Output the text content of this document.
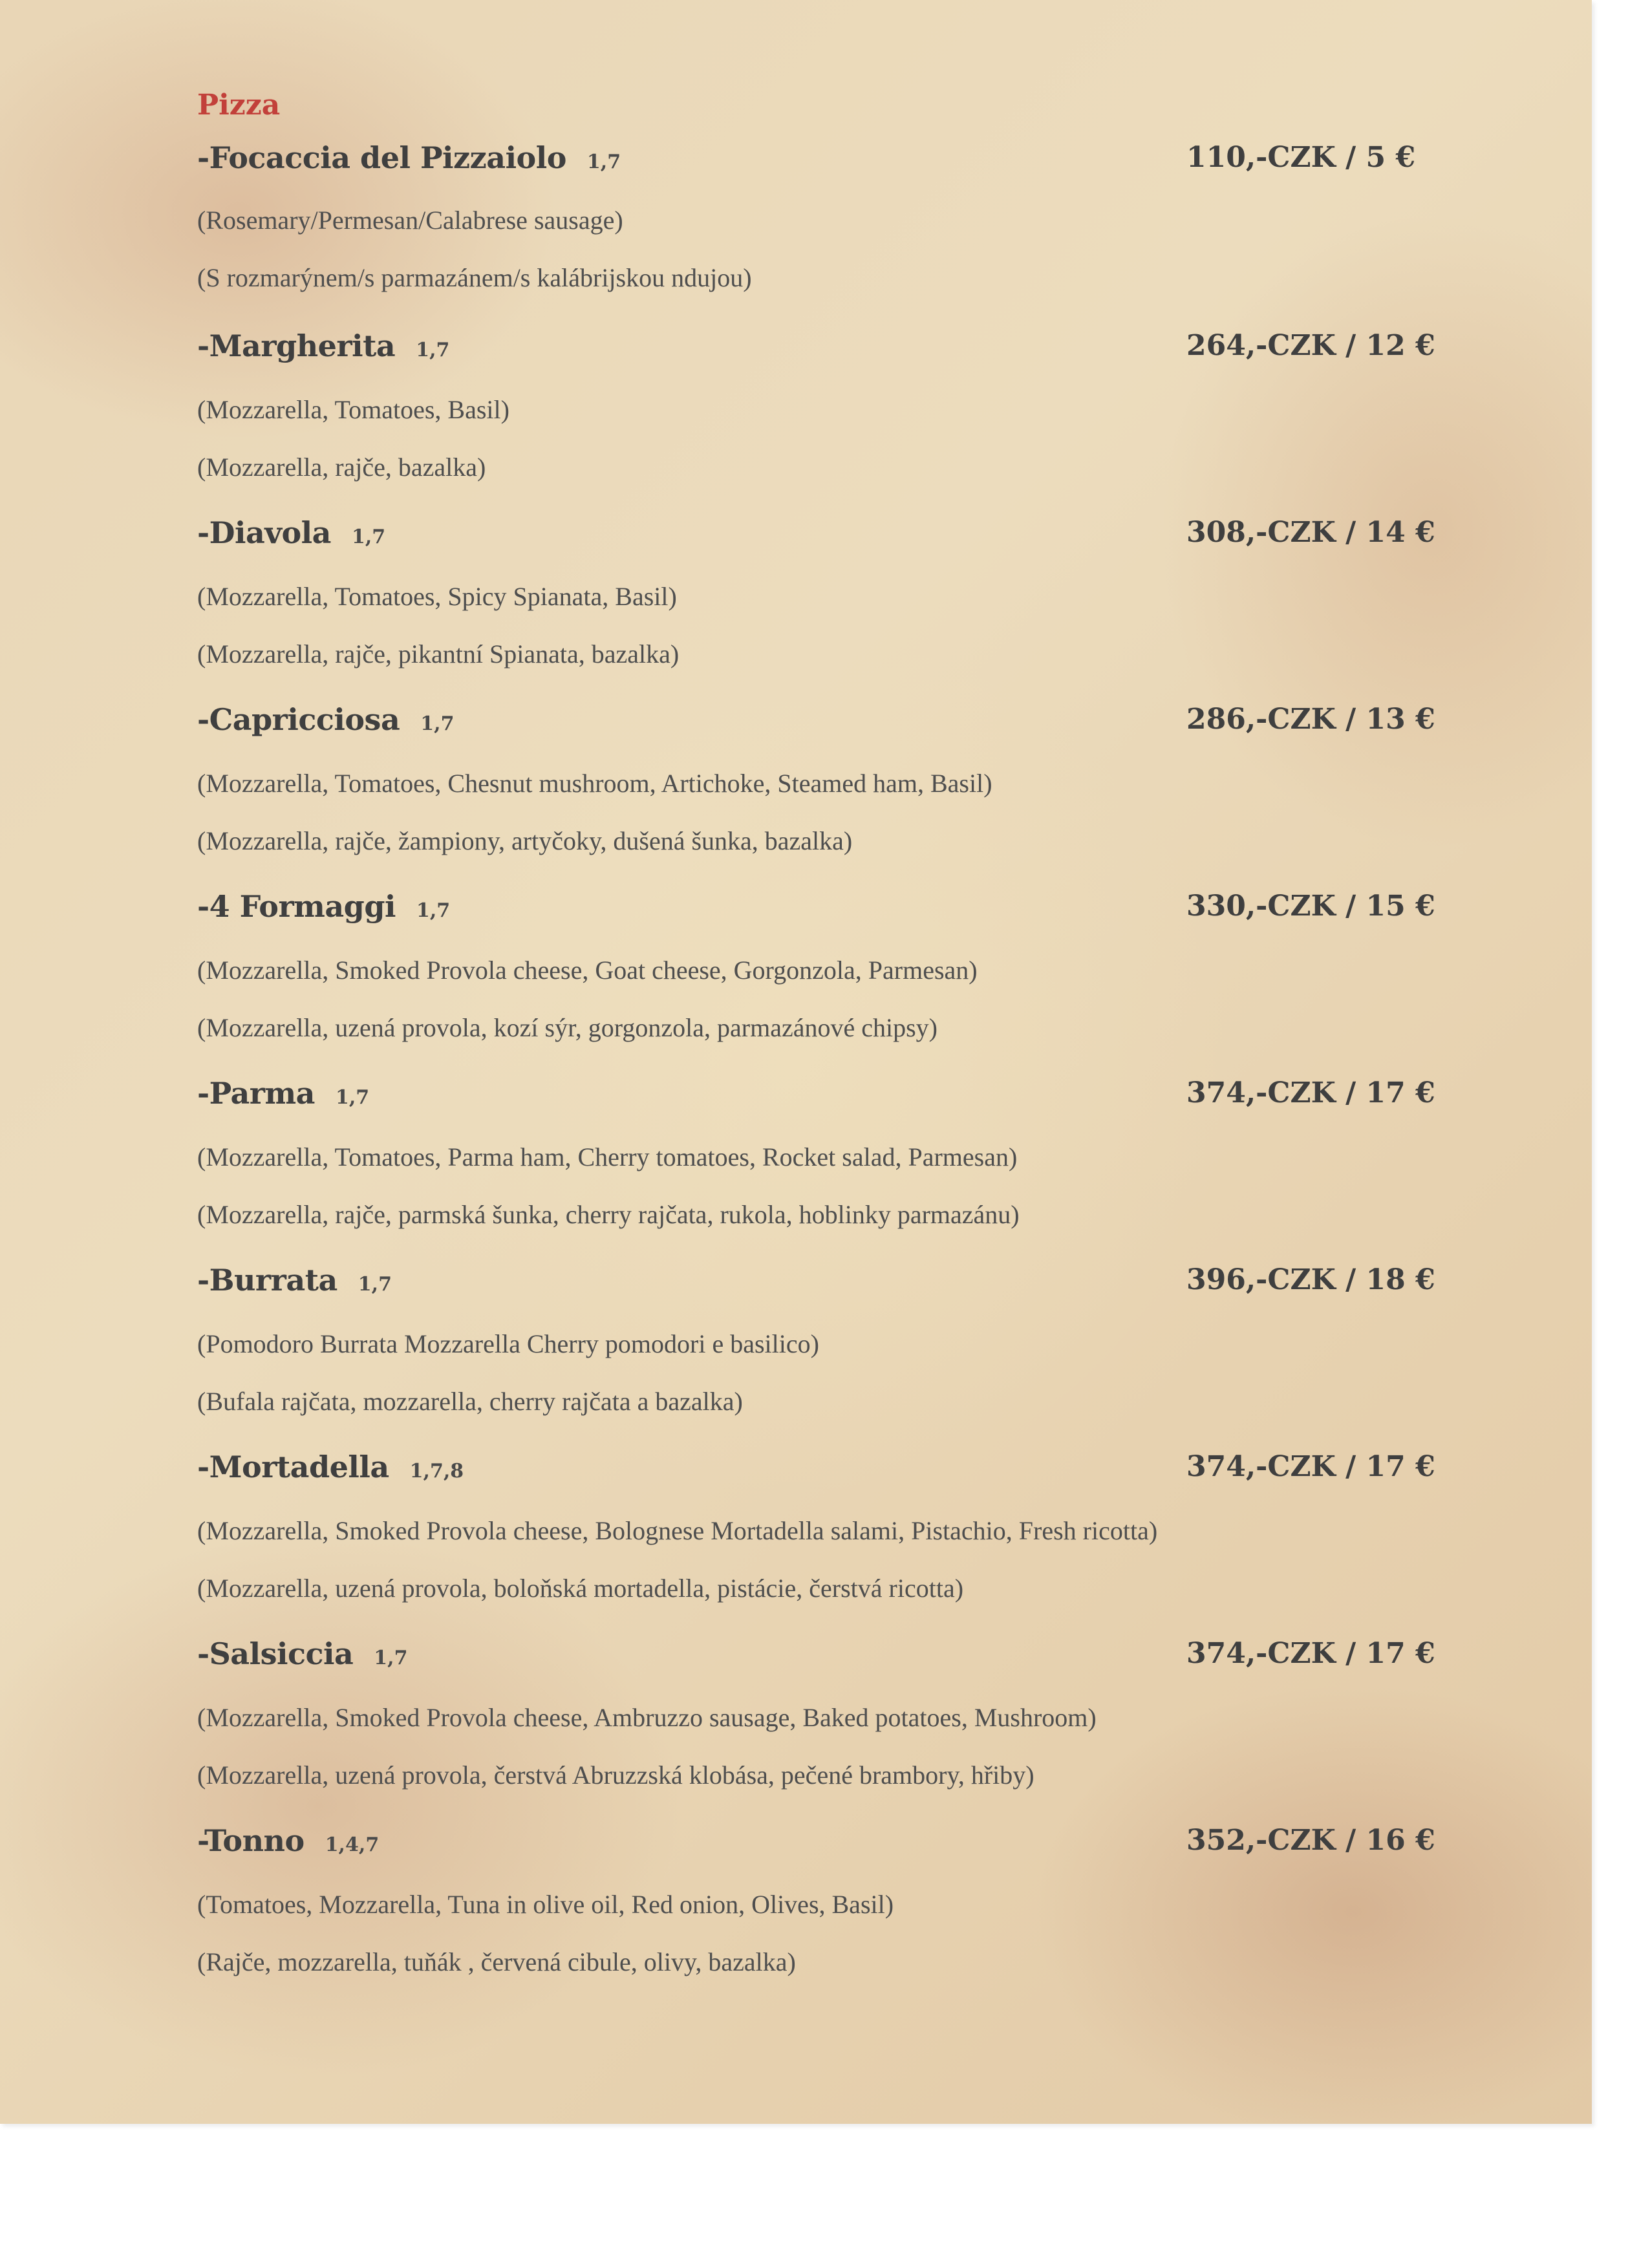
Pizza
-Focaccia del Pizzaiolo 1,7	110,-CZK / 5 €
(Rosemary/Permesan/Calabrese sausage)
(S rozmarýnem/s parmazánem/s kalábrijskou ndujou)
-Margherita 1,7	264,-CZK / 12 €
(Mozzarella, Tomatoes, Basil)
(Mozzarella, rajče, bazalka)
-Diavola 1,7	308,-CZK / 14 €
(Mozzarella, Tomatoes, Spicy Spianata, Basil)
(Mozzarella, rajče, pikantní Spianata, bazalka)
-Capricciosa 1,7	286,-CZK / 13 €
(Mozzarella, Tomatoes, Chesnut mushroom, Artichoke, Steamed ham, Basil)
(Mozzarella, rajče, žampiony, artyčoky, dušená šunka, bazalka)
-4 Formaggi 1,7	330,-CZK / 15 €
(Mozzarella, Smoked Provola cheese, Goat cheese, Gorgonzola, Parmesan)
(Mozzarella, uzená provola, kozí sýr, gorgonzola, parmazánové chipsy)
-Parma 1,7	374,-CZK / 17 €
(Mozzarella, Tomatoes, Parma ham, Cherry tomatoes, Rocket salad, Parmesan)
(Mozzarella, rajče, parmská šunka, cherry rajčata, rukola, hoblinky parmazánu)
-Burrata 1,7	396,-CZK / 18 €
(Pomodoro Burrata Mozzarella Cherry pomodori e basilico)
(Bufala rajčata, mozzarella, cherry rajčata a bazalka)
-Mortadella 1,7,8	374,-CZK / 17 €
(Mozzarella, Smoked Provola cheese, Bolognese Mortadella salami, Pistachio, Fresh ricotta)
(Mozzarella, uzená provola, boloňská mortadella, pistácie, čerstvá ricotta)
-Salsiccia 1,7	374,-CZK / 17 €
(Mozzarella, Smoked Provola cheese, Ambruzzo sausage, Baked potatoes, Mushroom)
(Mozzarella, uzená provola, čerstvá Abruzzská klobása, pečené brambory, hřiby)
-Tonno 1,4,7	352,-CZK / 16 €
(Tomatoes, Mozzarella, Tuna in olive oil, Red onion, Olives, Basil)
(Rajče, mozzarella, tuňák , červená cibule, olivy, bazalka)
